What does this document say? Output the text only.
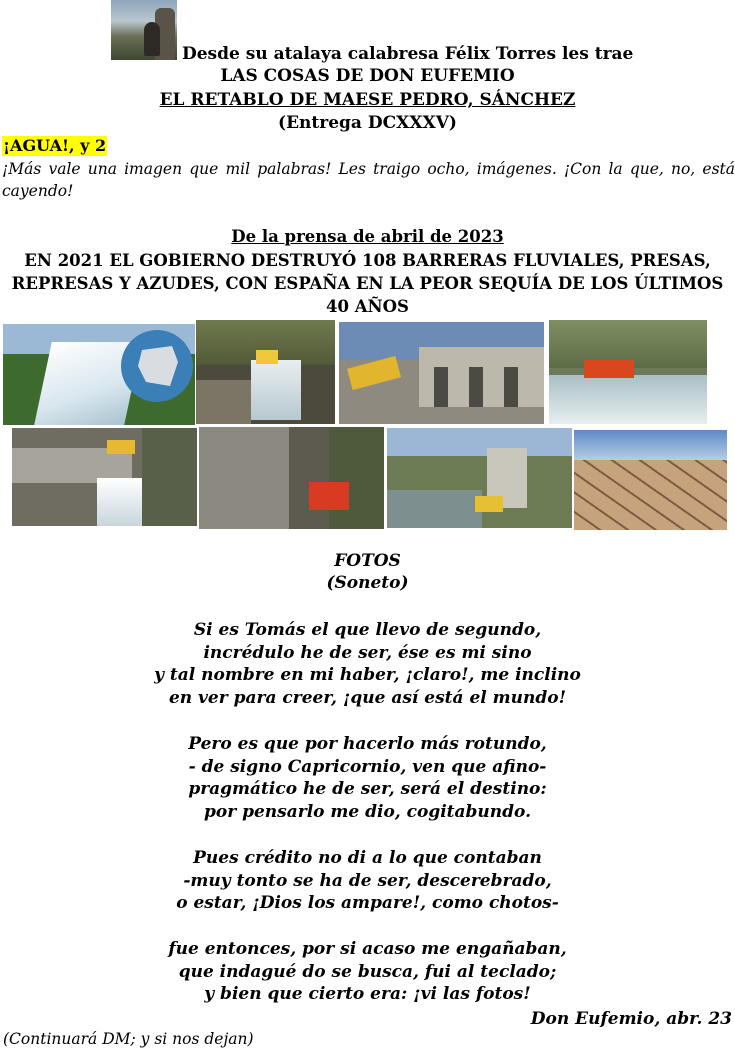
Desde su atalaya calabresa Félix Torres les trae
LAS COSAS DE DON EUFEMIO
EL RETABLO DE MAESE PEDRO, SÁNCHEZ
(Entrega DCXXXV)
¡AGUA!, y 2
¡Más vale una imagen que mil palabras! Les traigo ocho, imágenes. ¡Con la que, no, está cayendo!
De la prensa de abril de 2023
EN 2021 EL GOBIERNO DESTRUYÓ 108 BARRERAS FLUVIALES, PRESAS,
REPRESAS Y AZUDES, CON ESPAÑA EN LA PEOR SEQUÍA DE LOS ÚLTIMOS 40 AÑOS
FOTOS
(Soneto)
Si es Tomás el que llevo de segundo,
incrédulo he de ser, ése es mi sino
y tal nombre en mi haber, ¡claro!, me inclino
en ver para creer, ¡que así está el mundo!
Pero es que por hacerlo más rotundo,
- de signo Capricornio, ven que afino-
pragmático he de ser, será el destino:
por pensarlo me dio, cogitabundo.
Pues crédito no di a lo que contaban
-muy tonto se ha de ser, descerebrado,
o estar, ¡Dios los ampare!, como chotos-
fue entonces, por si acaso me engañaban,
que indagué do se busca, fui al teclado;
y bien que cierto era: ¡vi las fotos!
Don Eufemio, abr. 23
(Continuará DM; y si nos dejan)
